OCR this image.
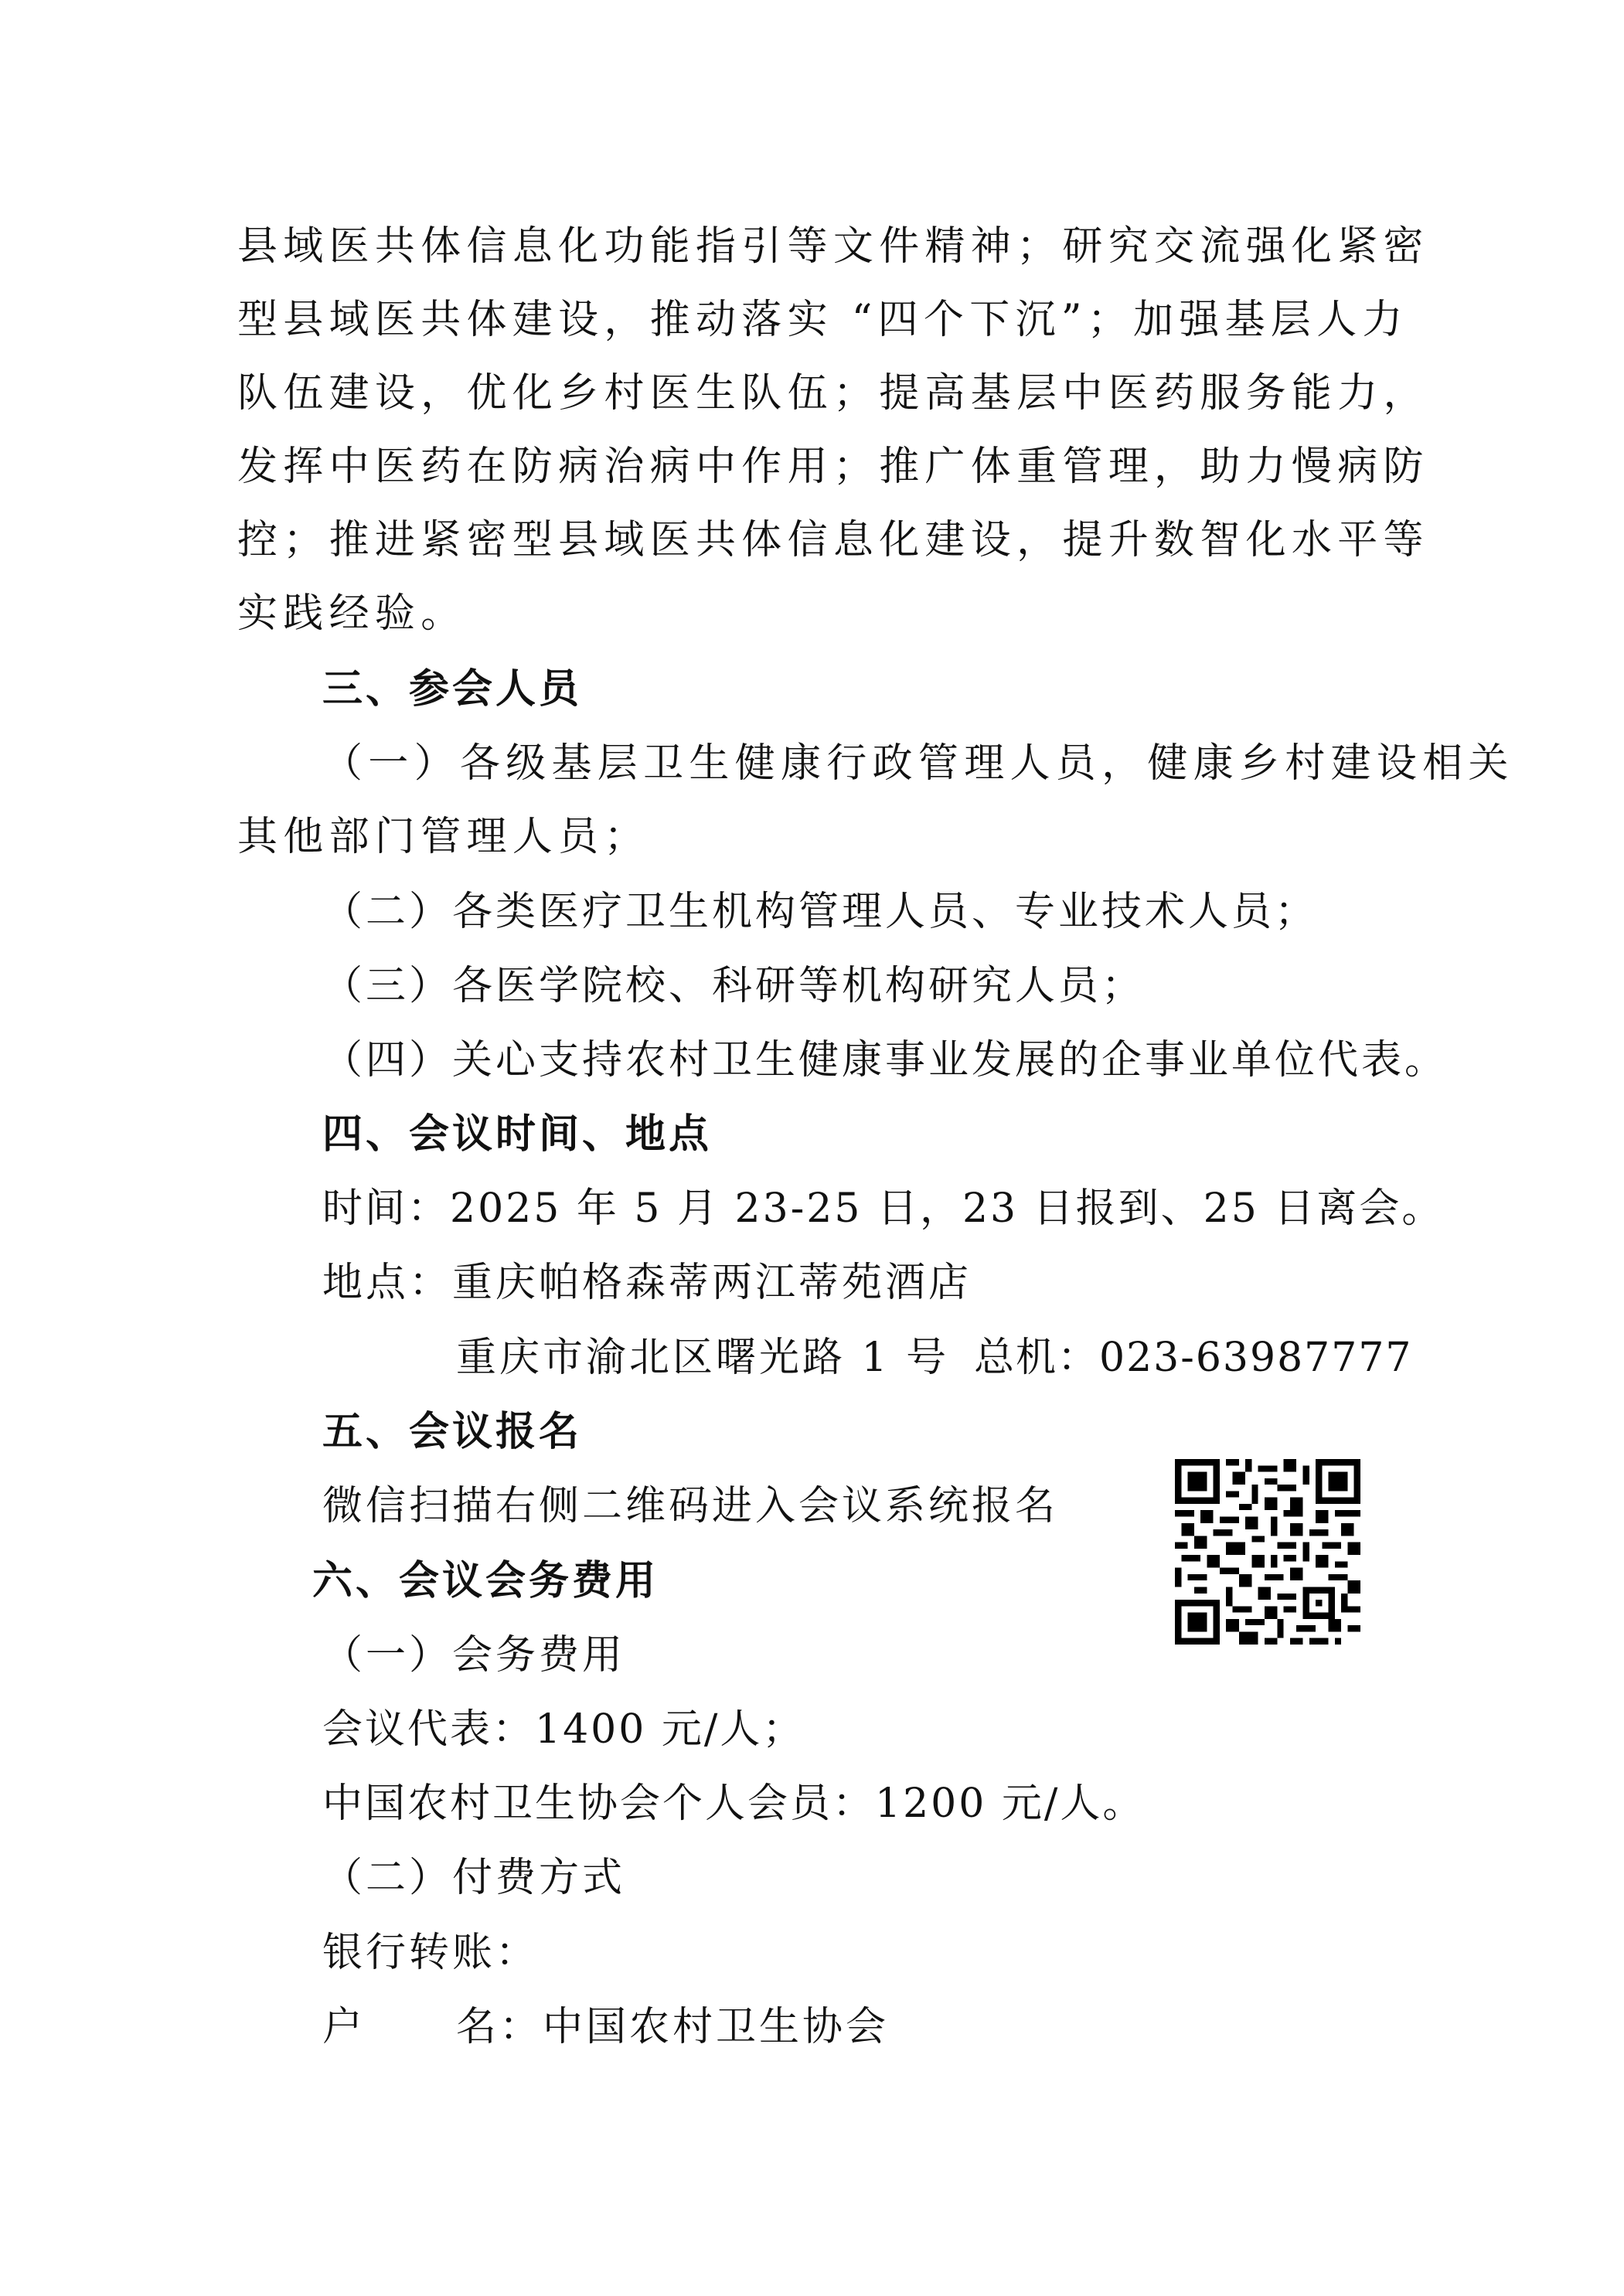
县域医共体信息化功能指引等文件精神；研究交流强化紧密

型县域医共体建设，推动落实 “四个下沉”；加强基层人力

队伍建设，优化乡村医生队伍；提高基层中医药服务能力，

发挥中医药在防病治病中作用；推广体重管理，助力慢病防

控；推进紧密型县域医共体信息化建设，提升数智化水平等

实践经验。

三、参会人员

（一）各级基层卫生健康行政管理人员，健康乡村建设相关

其他部门管理人员；

（二）各类医疗卫生机构管理人员、专业技术人员；

（三）各医学院校、科研等机构研究人员；

（四）关心支持农村卫生健康事业发展的企事业单位代表。

四、会议时间、地点

时间：2025 年 5 月 23-25 日，23 日报到、25 日离会。

地点：重庆帕格森蒂两江蒂苑酒店

重庆市渝北区曙光路 1 号 总机：023-63987777

五、会议报名

微信扫描右侧二维码进入会议系统报名

六、会议会务费用

（一）会务费用

会议代表：1400 元/人；

中国农村卫生协会个人会员：1200 元/人。

（二）付费方式

银行转账：

户 名：中国农村卫生协会
